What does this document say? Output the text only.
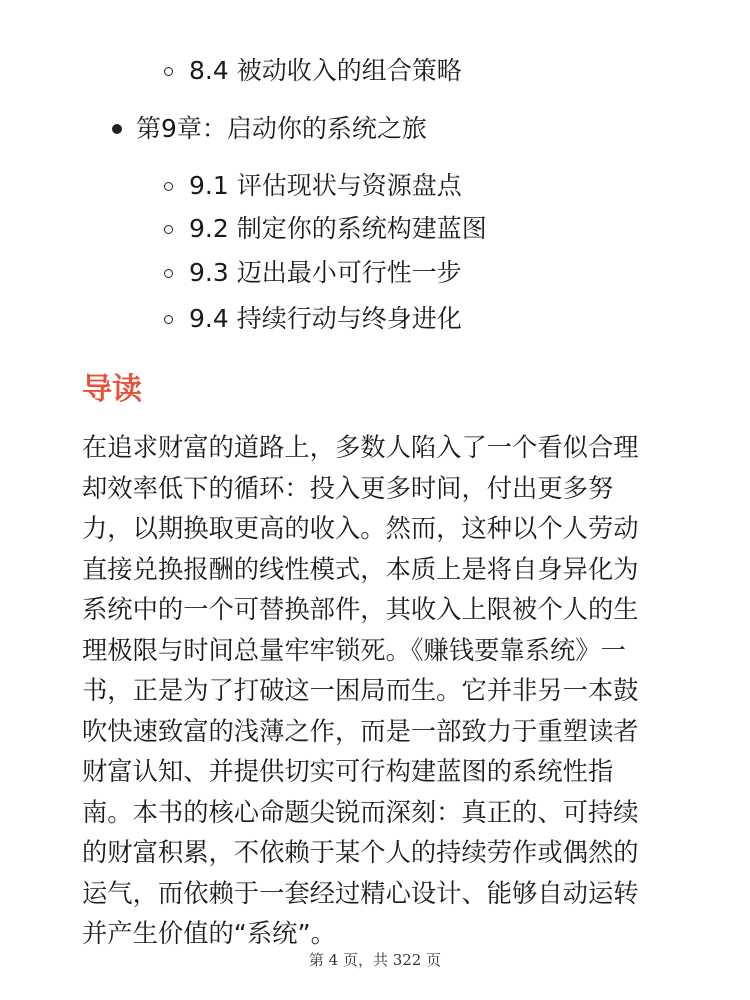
8.4 被动收入的组合策略
第9章：启动你的系统之旅
9.1 评估现状与资源盘点
9.2 制定你的系统构建蓝图
9.3 迈出最小可行性一步
9.4 持续行动与终身进化
导读
在追求财富的道路上，多数人陷入了一个看似合理
却效率低下的循环：投入更多时间，付出更多努
力，以期换取更高的收入。然而，这种以个人劳动
直接兑换报酬的线性模式，本质上是将自身异化为
系统中的一个可替换部件，其收入上限被个人的生
理极限与时间总量牢牢锁死。《赚钱要靠系统》一
书，正是为了打破这一困局而生。它并非另一本鼓
吹快速致富的浅薄之作，而是一部致力于重塑读者
财富认知、并提供切实可行构建蓝图的系统性指
南。本书的核心命题尖锐而深刻：真正的、可持续
的财富积累，不依赖于某个人的持续劳作或偶然的
运气，而依赖于一套经过精心设计、能够自动运转
并产生价值的“系统”。
第 4 页，共 322 页
